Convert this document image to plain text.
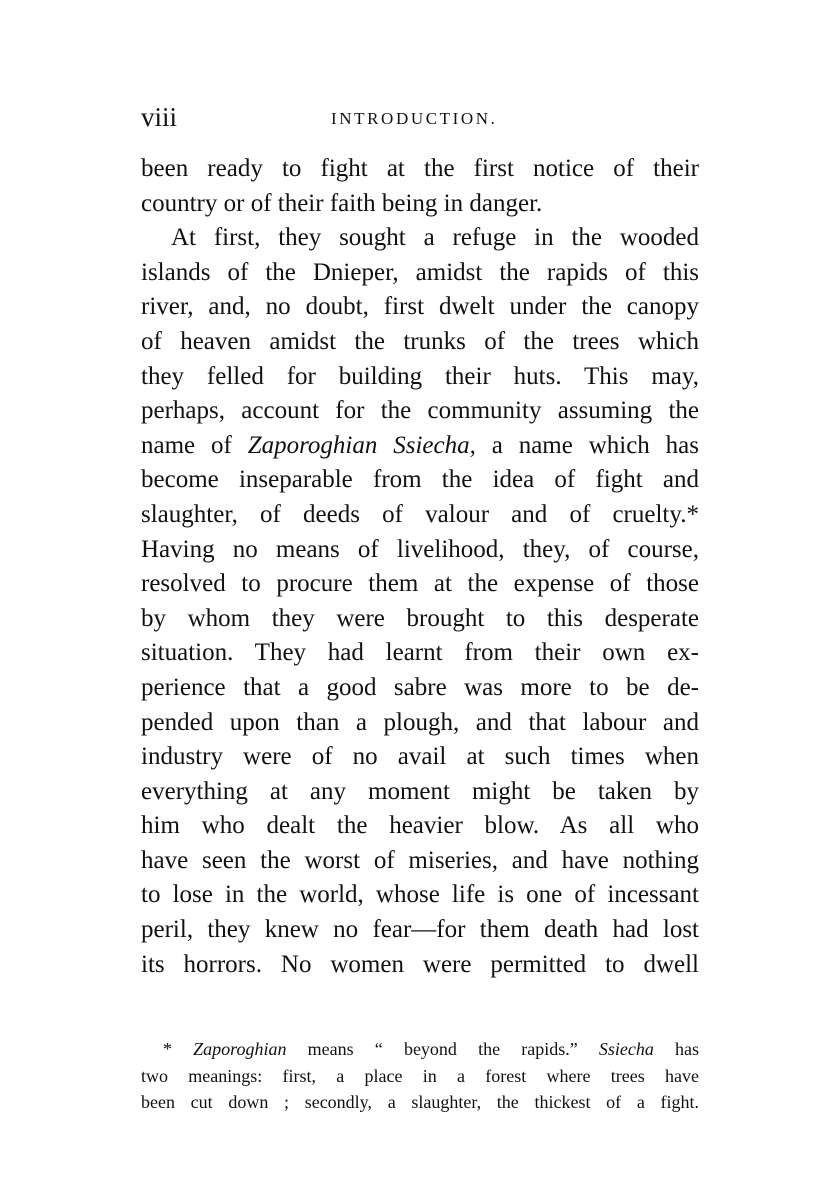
viii	INTRODUCTION.
been ready to fight at the first notice of their
country or of their faith being in danger.
At first, they sought a refuge in the wooded
islands of the Dnieper, amidst the rapids of this
river, and, no doubt, first dwelt under the canopy
of heaven amidst the trunks of the trees which
they felled for building their huts. This may,
perhaps, account for the community assuming the
name of Zaporoghian Ssiecha, a name which has
become inseparable from the idea of fight and
slaughter, of deeds of valour and of cruelty.*
Having no means of livelihood, they, of course,
resolved to procure them at the expense of those
by whom they were brought to this desperate
situation. They had learnt from their own ex-
perience that a good sabre was more to be de-
pended upon than a plough, and that labour and
industry were of no avail at such times when
everything at any moment might be taken by
him who dealt the heavier blow. As all who
have seen the worst of miseries, and have nothing
to lose in the world, whose life is one of incessant
peril, they knew no fear—for them death had lost
its horrors. No women were permitted to dwell
* Zaporoghian means “ beyond the rapids.” Ssiecha has
two meanings: first, a place in a forest where trees have
been cut down ; secondly, a slaughter, the thickest of a fight.
